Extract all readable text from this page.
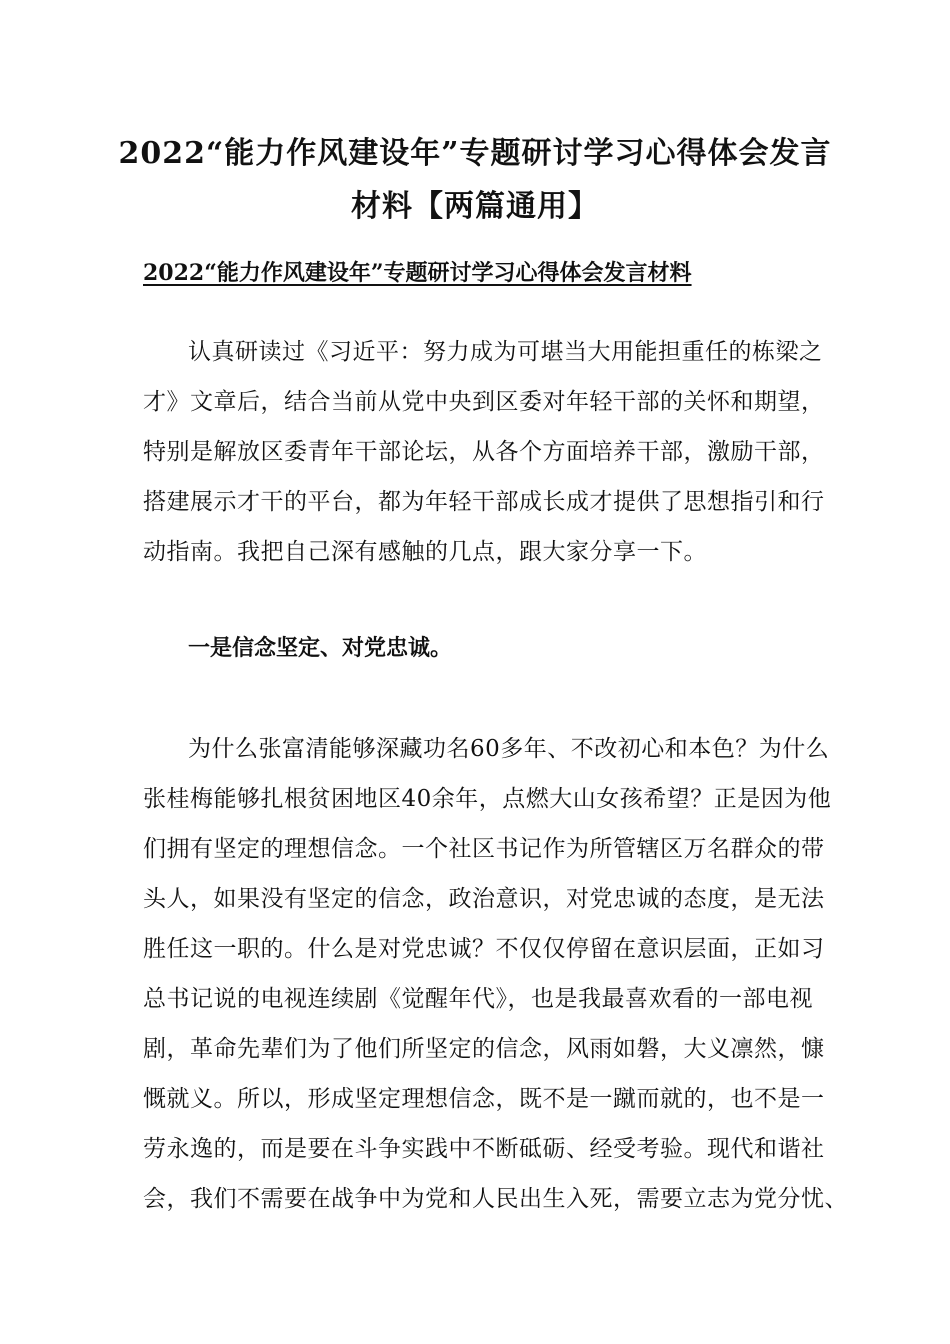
2022“能力作风建设年”专题研讨学习心得体会发言
材料【两篇通用】
2022“能力作风建设年”专题研讨学习心得体会发言材料
认真研读过《习近平：努力成为可堪当大用能担重任的栋梁之
才》文章后，结合当前从党中央到区委对年轻干部的关怀和期望，
特别是解放区委青年干部论坛，从各个方面培养干部，激励干部，
搭建展示才干的平台，都为年轻干部成长成才提供了思想指引和行
动指南。我把自己深有感触的几点，跟大家分享一下。
一是信念坚定、对党忠诚。
为什么张富清能够深藏功名60多年、不改初心和本色？为什么
张桂梅能够扎根贫困地区40余年，点燃大山女孩希望？正是因为他
们拥有坚定的理想信念。一个社区书记作为所管辖区万名群众的带
头人，如果没有坚定的信念，政治意识，对党忠诚的态度，是无法
胜任这一职的。什么是对党忠诚？不仅仅停留在意识层面，正如习
总书记说的电视连续剧《觉醒年代》，也是我最喜欢看的一部电视
剧，革命先辈们为了他们所坚定的信念，风雨如磐，大义凛然，慷
慨就义。所以，形成坚定理想信念，既不是一蹴而就的，也不是一
劳永逸的，而是要在斗争实践中不断砥砺、经受考验。现代和谐社
会，我们不需要在战争中为党和人民出生入死，需要立志为党分忧、
